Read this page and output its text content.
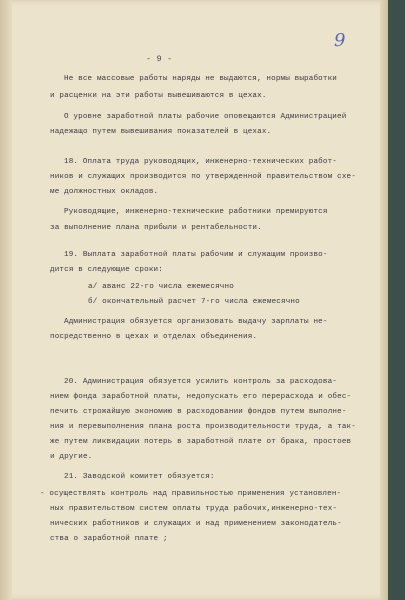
- 9 -
9
Не все массовые работы наряды не выдаются, нормы выработки
и расценки на эти работы вывешиваются в цехах.
О уровне заработной платы рабочие оповещаются Администрацией
надежащо путем вывешивания показателей в цехах.
18. Оплата труда руководящих, инженерно-технических работ-
ников и служащих производится по утвержденной правительством схе-
ме должностных окладов.
Руководящие, инженерно-технические работники премируются
за выполнение плана прибыли и рентабельности.
19. Выплата заработной платы рабочим и служащим произво-
дится в следующие сроки:
а/ аванс 22-го числа ежемесячно
б/ окончательный расчет 7-го числа ежемесячно
Администрация обязуется организовать выдачу зарплаты не-
посредственно в цехах и отделах объединения.
20. Администрация обязуется усилить контроль за расходова-
нием фонда заработной платы, недопускать его перерасхода и обес-
печить строжайшую экономию в расходовании фондов путем выполне-
ния и перевыполнения плана роста производительности труда, а так-
же путем ликвидации потерь в заработной плате от брака, простоев
и другие.
21. Заводской комитет обязуется:
- осуществлять контроль над правильностью применения установлен-
ных правительством систем оплаты труда рабочих,инженерно-тех-
нических работников и служащих и над применением законодатель-
ства о заработной плате ;
